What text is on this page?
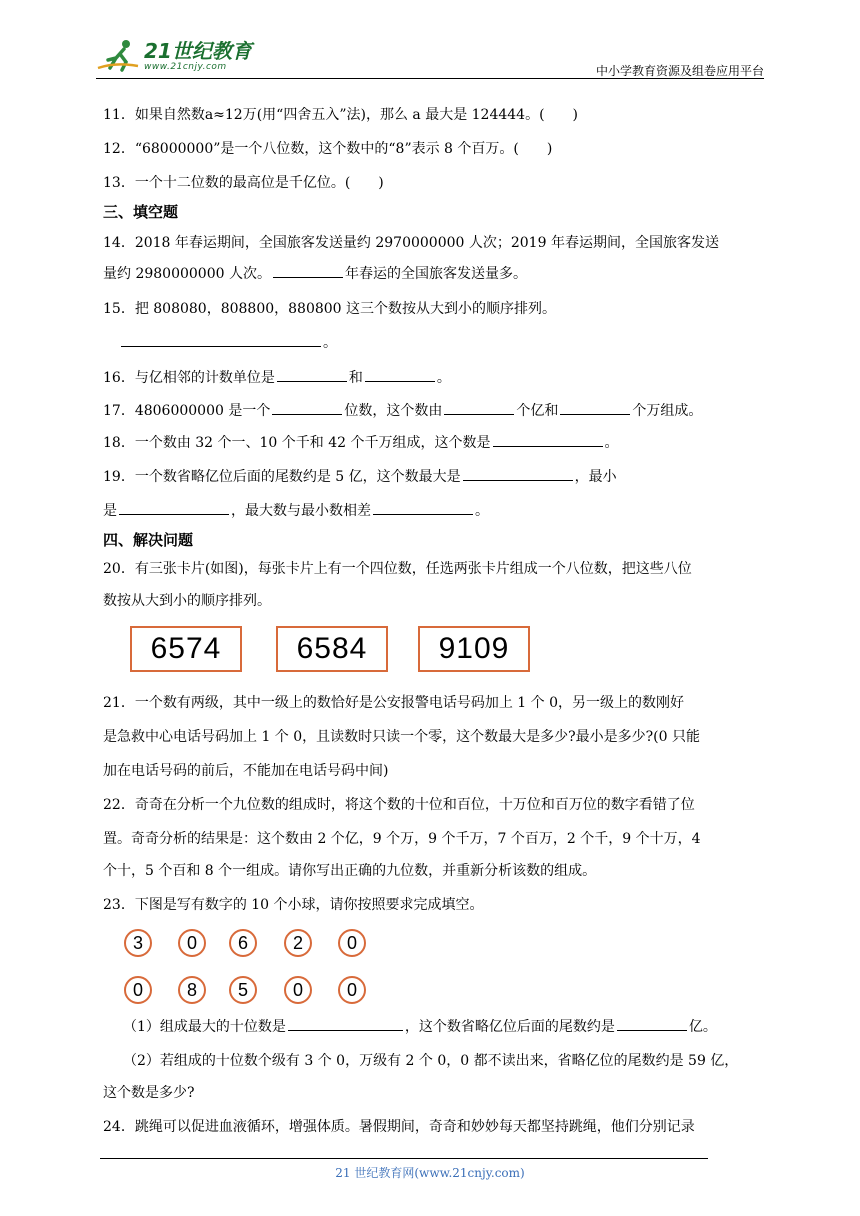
21世纪教育
www.21cnjy.com	中小学教育资源及组卷应用平台
11．如果自然数a≈12万(用“四舍五入”法)，那么 a 最大是 124444。(　　)
12．“68000000”是一个八位数，这个数中的“8”表示 8 个百万。(　　)
13．一个十二位数的最高位是千亿位。(　　)
三、填空题
14．2018 年春运期间，全国旅客发送量约 2970000000 人次；2019 年春运期间，全国旅客发送
量约 2980000000 人次。	年春运的全国旅客发送量多。
15．把 808080，808800，880800 这三个数按从大到小的顺序排列。
。
16．与亿相邻的计数单位是	和	。
17．4806000000 是一个	位数，这个数由	个亿和	个万组成。
18．一个数由 32 个一、10 个千和 42 个千万组成，这个数是	。
19．一个数省略亿位后面的尾数约是 5 亿，这个数最大是	，最小
是	，最大数与最小数相差	。
四、解决问题
20．有三张卡片(如图)，每张卡片上有一个四位数，任选两张卡片组成一个八位数，把这些八位
数按从大到小的顺序排列。
21．一个数有两级，其中一级上的数恰好是公安报警电话号码加上 1 个 0，另一级上的数刚好
是急救中心电话号码加上 1 个 0，且读数时只读一个零，这个数最大是多少?最小是多少?(0 只能
加在电话号码的前后，不能加在电话号码中间)
22．奇奇在分析一个九位数的组成时，将这个数的十位和百位，十万位和百万位的数字看错了位
置。奇奇分析的结果是：这个数由 2 个亿，9 个万，9 个千万，7 个百万，2 个千，9 个十万，4
个十，5 个百和 8 个一组成。请你写出正确的九位数，并重新分析该数的组成。
23．下图是写有数字的 10 个小球，请你按照要求完成填空。
（1）组成最大的十位数是	，这个数省略亿位后面的尾数约是	亿。
（2）若组成的十位数个级有 3 个 0，万级有 2 个 0，0 都不读出来，省略亿位的尾数约是 59 亿，
这个数是多少?
24．跳绳可以促进血液循环，增强体质。暑假期间，奇奇和妙妙每天都坚持跳绳，他们分别记录
6574	6584	9109
3	0	6	2	0
0	8	5	0	0
21 世纪教育网(www.21cnjy.com)
